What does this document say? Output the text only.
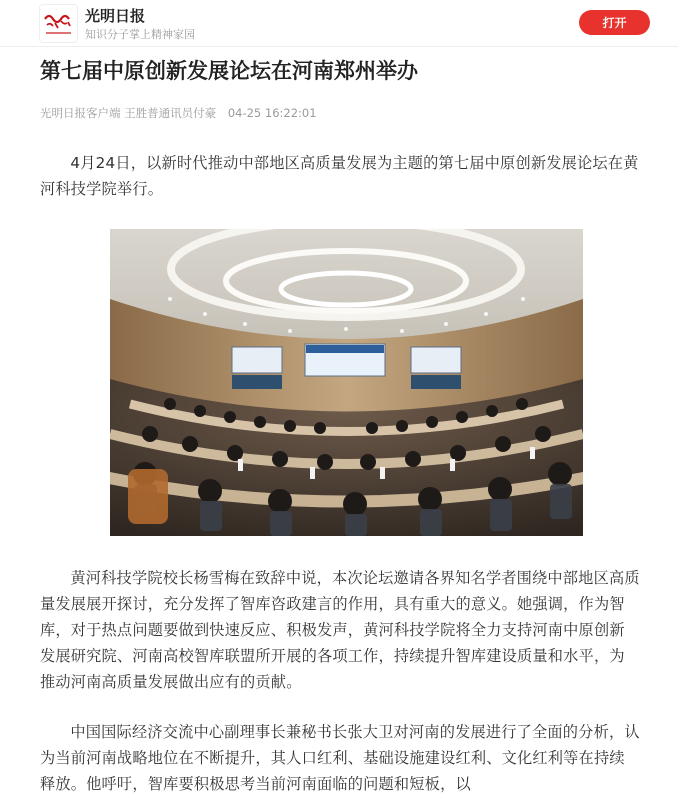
光明日报
知识分子掌上精神家园
打开
第七届中原创新发展论坛在河南郑州举办
光明日报客户端 王胜普通讯员付豪 04-25 16:22:01

4月24日，以新时代推动中部地区高质量发展为主题的第七届中原创新发展论坛在黄河科技学院举行。

黄河科技学院校长杨雪梅在致辞中说，本次论坛邀请各界知名学者围绕中部地区高质量发展展开探讨，充分发挥了智库咨政建言的作用，具有重大的意义。她强调，作为智库，对于热点问题要做到快速反应、积极发声，黄河科技学院将全力支持河南中原创新发展研究院、河南高校智库联盟所开展的各项工作，持续提升智库建设质量和水平，为推动河南高质量发展做出应有的贡献。

中国国际经济交流中心副理事长兼秘书长张大卫对河南的发展进行了全面的分析，认为当前河南战略地位在不断提升，其人口红利、基础设施建设红利、文化红利等在持续释放。他呼吁，智库要积极思考当前河南面临的问题和短板，以
